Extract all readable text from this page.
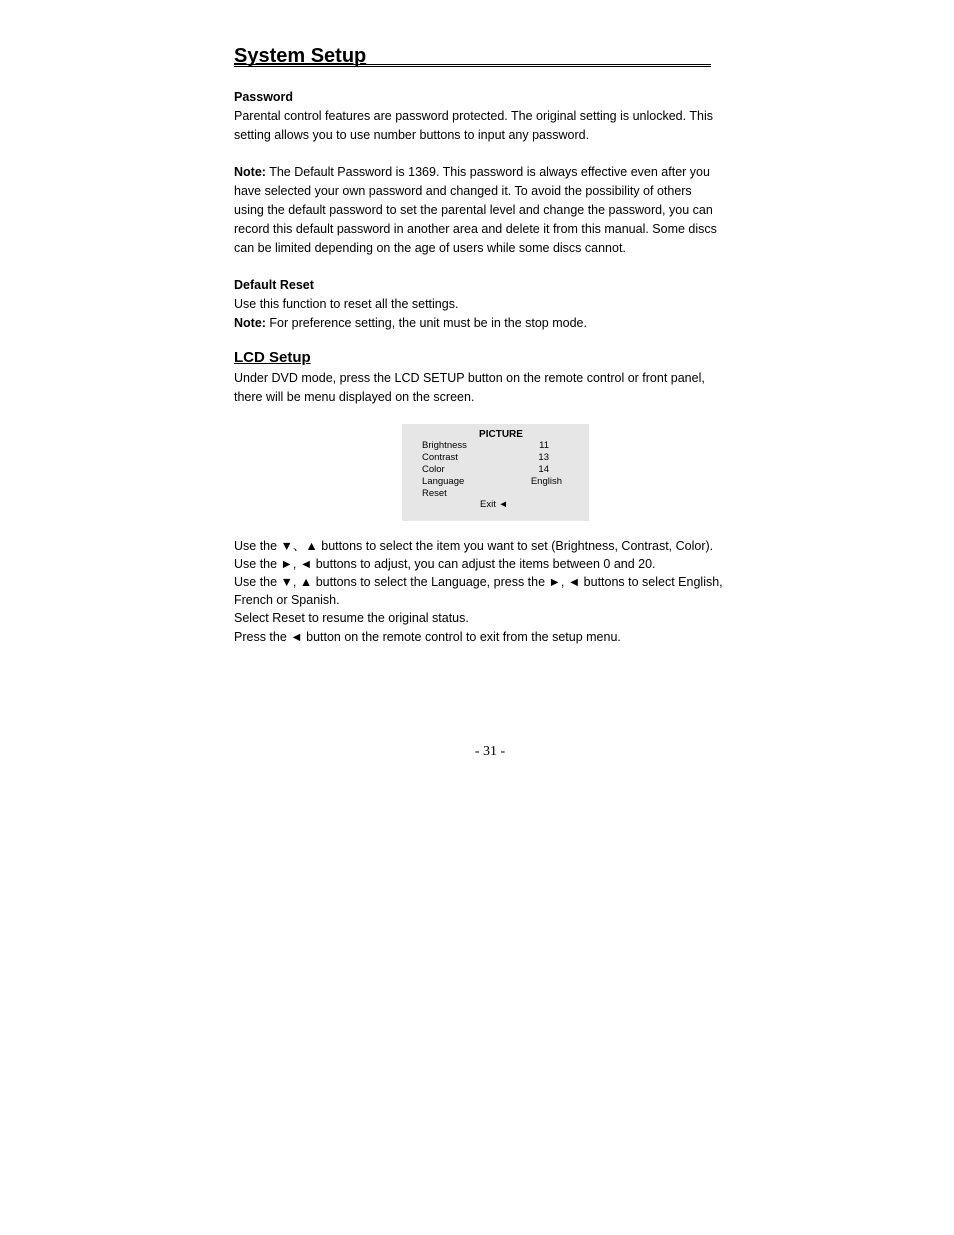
System Setup

Password

Parental control features are password protected. The original setting is unlocked. This

setting allows you to use number buttons to input any password.

Note: The Default Password is 1369. This password is always effective even after you

have selected your own password and changed it. To avoid the possibility of others

using the default password to set the parental level and change the password, you can

record this default password in another area and delete it from this manual. Some discs

can be limited depending on the age of users while some discs cannot.

Default Reset

Use this function to reset all the settings.

Note: For preference setting, the unit must be in the stop mode.

LCD Setup

Under DVD mode, press the LCD SETUP button on the remote control or front panel,

there will be menu displayed on the screen.

PICTURE
Brightness	11
Contrast	13
Color	14
Language	English
Reset
Exit ◄

Use the ▼、▲ buttons to select the item you want to set (Brightness, Contrast, Color).

Use the ►, ◄ buttons to adjust, you can adjust the items between 0 and 20.

Use the ▼, ▲ buttons to select the Language, press the ►, ◄ buttons to select English,

French or Spanish.

Select Reset to resume the original status.

Press the ◄ button on the remote control to exit from the setup menu.

- 31 -
